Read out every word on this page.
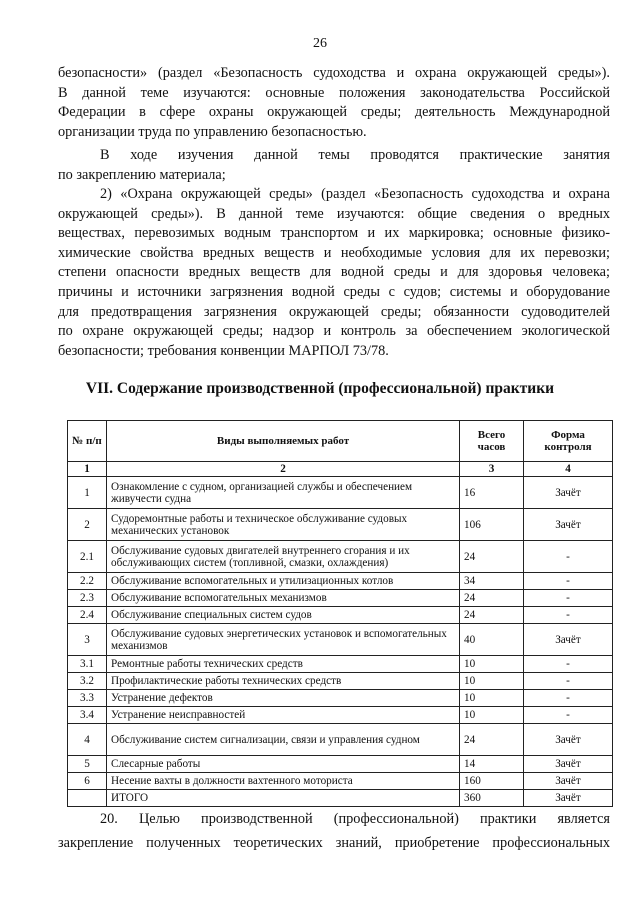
26
безопасности» (раздел «Безопасность судоходства и охрана окружающей среды»).
В данной теме изучаются: основные положения законодательства Российской
Федерации в сфере охраны окружающей среды; деятельность Международной
организации труда по управлению безопасностью.
В ходе изучения данной темы проводятся практические занятия
по закреплению материала;
2) «Охрана окружающей среды» (раздел «Безопасность судоходства и охрана
окружающей среды»). В данной теме изучаются: общие сведения о вредных
веществах, перевозимых водным транспортом и их маркировка; основные физико-
химические свойства вредных веществ и необходимые условия для их перевозки;
степени опасности вредных веществ для водной среды и для здоровья человека;
причины и источники загрязнения водной среды с судов; системы и оборудование
для предотвращения загрязнения окружающей среды; обязанности судоводителей
по охране окружающей среды; надзор и контроль за обеспечением экологической
безопасности; требования конвенции МАРПОЛ 73/78.
VII. Содержание производственной (профессиональной) практики
№ п/п	Виды выполняемых работ	Всего часов	Форма контроля
1	2	3	4
1	Ознакомление с судном, организацией службы и обеспечением живучести судна	16	Зачёт
2	Судоремонтные работы и техническое обслуживание судовых механических установок	106	Зачёт
2.1	Обслуживание судовых двигателей внутреннего сгорания и их обслуживающих систем (топливной, смазки, охлаждения)	24	-
2.2	Обслуживание вспомогательных и утилизационных котлов	34	-
2.3	Обслуживание вспомогательных механизмов	24	-
2.4	Обслуживание специальных систем судов	24	-
3	Обслуживание судовых энергетических установок и вспомогательных механизмов	40	Зачёт
3.1	Ремонтные работы технических средств	10	-
3.2	Профилактические работы технических средств	10	-
3.3	Устранение дефектов	10	-
3.4	Устранение неисправностей	10	-
4	Обслуживание систем сигнализации, связи и управления судном	24	Зачёт
5	Слесарные работы	14	Зачёт
6	Несение вахты в должности вахтенного моториста	160	Зачёт
	ИТОГО	360	Зачёт
20. Целью производственной (профессиональной) практики является
закрепление полученных теоретических знаний, приобретение профессиональных
